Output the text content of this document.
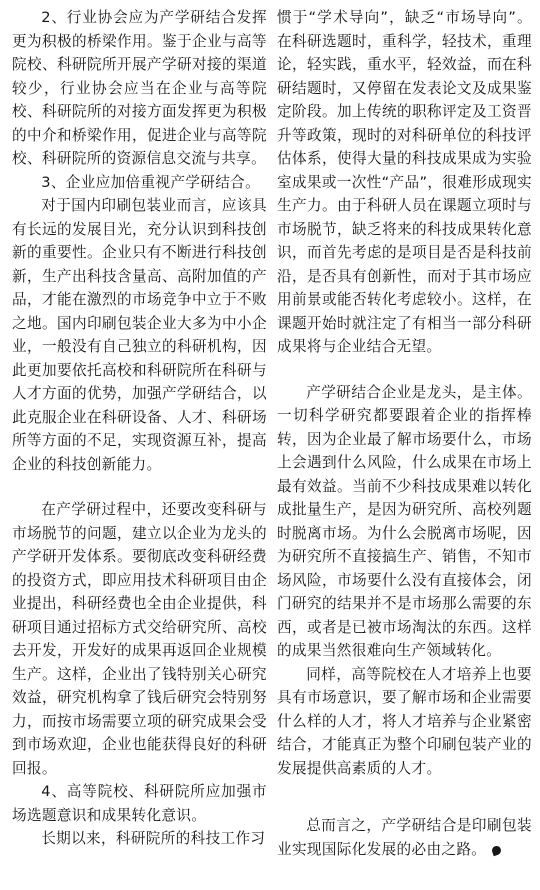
2、行业协会应为产学研结合发挥更为积极的桥梁作用。鉴于企业与高等院校、科研院所开展产学研对接的渠道较少，行业协会应当在企业与高等院校、科研院所的对接方面发挥更为积极的中介和桥梁作用，促进企业与高等院校、科研院所的资源信息交流与共享。

3、企业应加倍重视产学研结合。

对于国内印刷包装业而言，应该具有长远的发展目光，充分认识到科技创新的重要性。企业只有不断进行科技创新，生产出科技含量高、高附加值的产品，才能在激烈的市场竞争中立于不败之地。国内印刷包装企业大多为中小企业，一般没有自己独立的科研机构，因此更加要依托高校和科研院所在科研与人才方面的优势，加强产学研结合，以此克服企业在科研设备、人才、科研场所等方面的不足，实现资源互补，提高企业的科技创新能力。

在产学研过程中，还要改变科研与市场脱节的问题，建立以企业为龙头的产学研开发体系。要彻底改变科研经费的投资方式，即应用技术科研项目由企业提出，科研经费也全由企业提供，科研项目通过招标方式交给研究所、高校去开发，开发好的成果再返回企业规模生产。这样，企业出了钱特别关心研究效益，研究机构拿了钱后研究会特别努力，而按市场需要立项的研究成果会受到市场欢迎，企业也能获得良好的科研回报。

4、高等院校、科研院所应加强市场选题意识和成果转化意识。

长期以来，科研院所的科技工作习

惯于“学术导向”，缺乏“市场导向”。在科研选题时，重科学，轻技术，重理论，轻实践，重水平，轻效益，而在科研结题时，又停留在发表论文及成果鉴定阶段。加上传统的职称评定及工资晋升等政策，现时的对科研单位的科技评估体系，使得大量的科技成果成为实验室成果或一次性“产品”，很难形成现实生产力。由于科研人员在课题立项时与市场脱节，缺乏将来的科技成果转化意识，而首先考虑的是项目是否是科技前沿，是否具有创新性，而对于其市场应用前景或能否转化考虑较小。这样，在课题开始时就注定了有相当一部分科研成果将与企业结合无望。

产学研结合企业是龙头，是主体。一切科学研究都要跟着企业的指挥棒转，因为企业最了解市场要什么，市场上会遇到什么风险，什么成果在市场上最有效益。当前不少科技成果难以转化成批量生产，是因为研究所、高校列题时脱离市场。为什么会脱离市场呢，因为研究所不直接搞生产、销售，不知市场风险，市场要什么没有直接体会，闭门研究的结果并不是市场那么需要的东西，或者是已被市场淘汰的东西。这样的成果当然很难向生产领域转化。

同样，高等院校在人才培养上也要具有市场意识，要了解市场和企业需要什么样的人才，将人才培养与企业紧密结合，才能真正为整个印刷包装产业的发展提供高素质的人才。

总而言之，产学研结合是印刷包装业实现国际化发展的必由之路。
